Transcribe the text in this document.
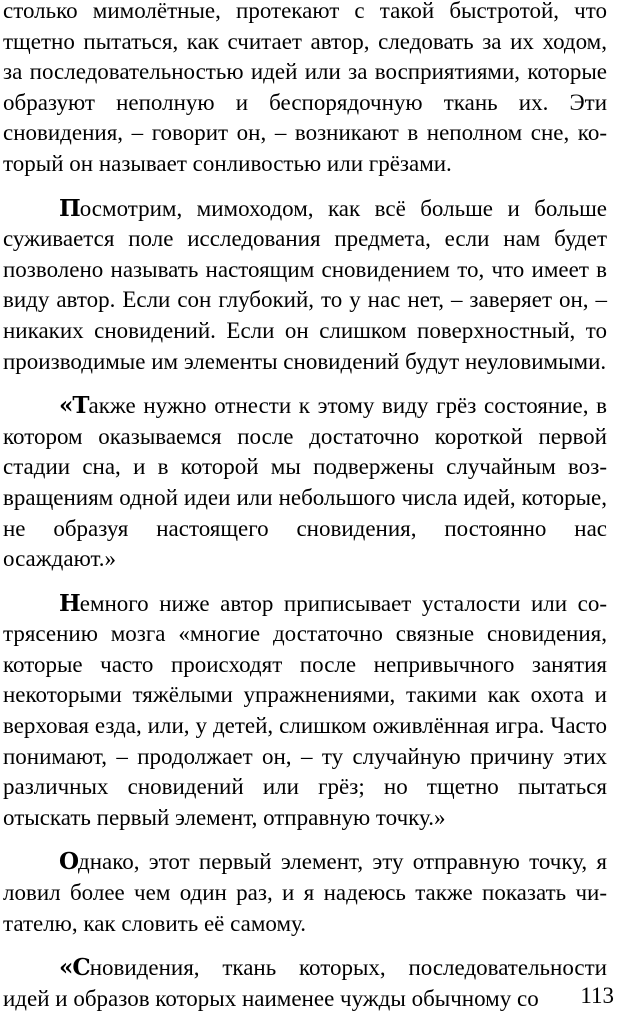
столько мимолётные, протекают с такой быстротой, что тщетно пытаться, как считает автор, следовать за их ходом, за последовательностью идей или за восприятиями, которые образуют неполную и беспорядочную ткань их. Эти сновидения, – говорит он, – возникают в неполном сне, который он называет сонливостью или грёзами.

Посмотрим, мимоходом, как всё больше и больше суживается поле исследования предмета, если нам будет позволено называть настоящим сновидением то, что имеет в виду автор. Если сон глубокий, то у нас нет, – заверяет он, – никаких сновидений. Если он слишком поверхностный, то производимые им элементы сновидений будут неуловимыми.

«Также нужно отнести к этому виду грёз состояние, в котором оказываемся после достаточно короткой первой стадии сна, и в которой мы подвержены случайным возвращениям одной идеи или небольшого числа идей, которые, не образуя настоящего сновидения, постоянно нас осаждают.»

Немного ниже автор приписывает усталости или сотрясению мозга «многие достаточно связные сновидения, которые часто происходят после непривычного занятия некоторыми тяжёлыми упражнениями, такими как охота и верховая езда, или, у детей, слишком оживлённая игра. Часто понимают, – продолжает он, – ту случайную причину этих различных сновидений или грёз; но тщетно пытаться отыскать первый элемент, отправную точку.»

Однако, этот первый элемент, эту отправную точку, я ловил более чем один раз, и я надеюсь также показать читателю, как словить её самому.

«Сновидения, ткань которых, последовательности идей и образов которых наименее чужды обычному со	113
